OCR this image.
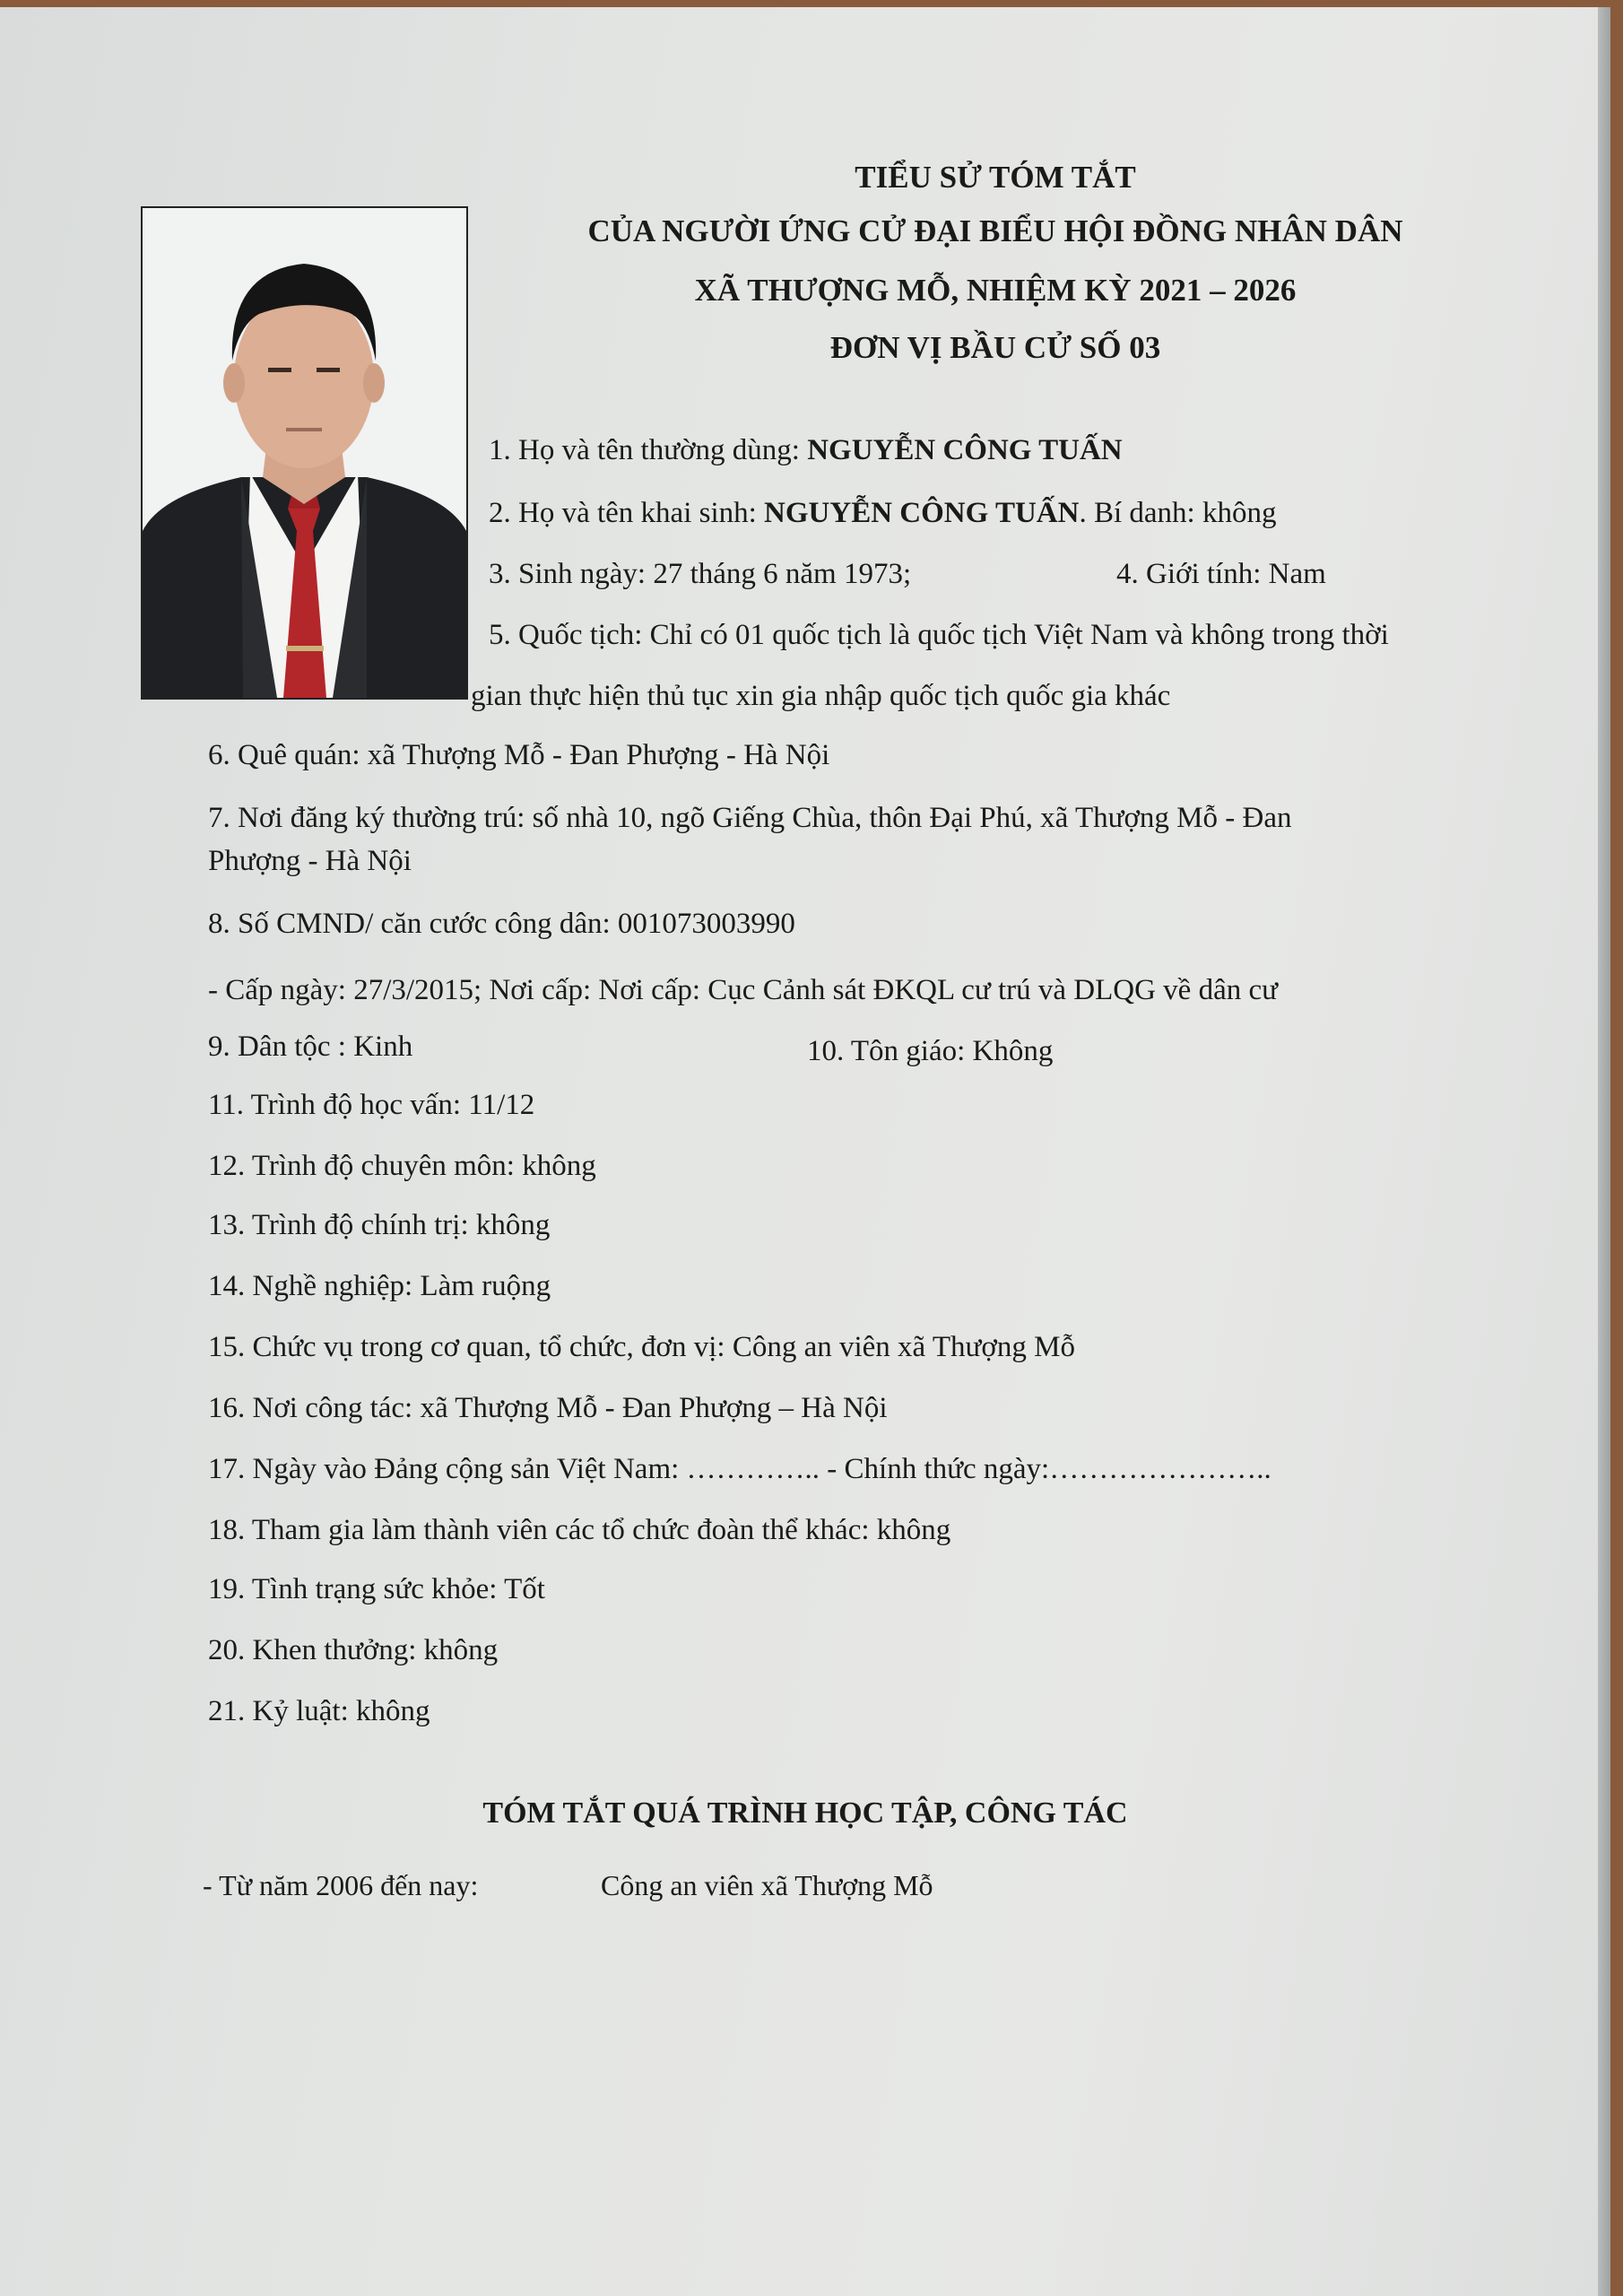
TIỂU SỬ TÓM TẮT
CỦA NGƯỜI ỨNG CỬ ĐẠI BIỂU HỘI ĐỒNG NHÂN DÂN
XÃ THƯỢNG MỖ, NHIỆM KỲ 2021 – 2026
ĐƠN VỊ BẦU CỬ SỐ 03
1. Họ và tên thường dùng: NGUYỄN CÔNG TUẤN
2. Họ và tên khai sinh: NGUYỄN CÔNG TUẤN. Bí danh: không
3. Sinh ngày: 27 tháng 6 năm 1973;	4. Giới tính: Nam
5. Quốc tịch: Chỉ có 01 quốc tịch là quốc tịch Việt Nam và không trong thời
gian thực hiện thủ tục xin gia nhập quốc tịch quốc gia khác
6. Quê quán: xã Thượng Mỗ - Đan Phượng - Hà Nội
7. Nơi đăng ký thường trú: số nhà 10, ngõ Giếng Chùa, thôn Đại Phú, xã Thượng Mỗ - Đan
Phượng - Hà Nội
8. Số CMND/ căn cước công dân: 001073003990
- Cấp ngày: 27/3/2015; Nơi cấp: Nơi cấp: Cục Cảnh sát ĐKQL cư trú và DLQG về dân cư
9. Dân tộc : Kinh	10. Tôn giáo: Không
11. Trình độ học vấn: 11/12
12. Trình độ chuyên môn: không
13. Trình độ chính trị: không
14. Nghề nghiệp: Làm ruộng
15. Chức vụ trong cơ quan, tổ chức, đơn vị: Công an viên xã Thượng Mỗ
16. Nơi công tác: xã Thượng Mỗ - Đan Phượng – Hà Nội
17. Ngày vào Đảng cộng sản Việt Nam: ………….. - Chính thức ngày:…………………..
18. Tham gia làm thành viên các tổ chức đoàn thể khác: không
19. Tình trạng sức khỏe: Tốt
20. Khen thưởng: không
21. Kỷ luật: không
TÓM TẮT QUÁ TRÌNH HỌC TẬP, CÔNG TÁC
- Từ năm 2006 đến nay:	Công an viên xã Thượng Mỗ
